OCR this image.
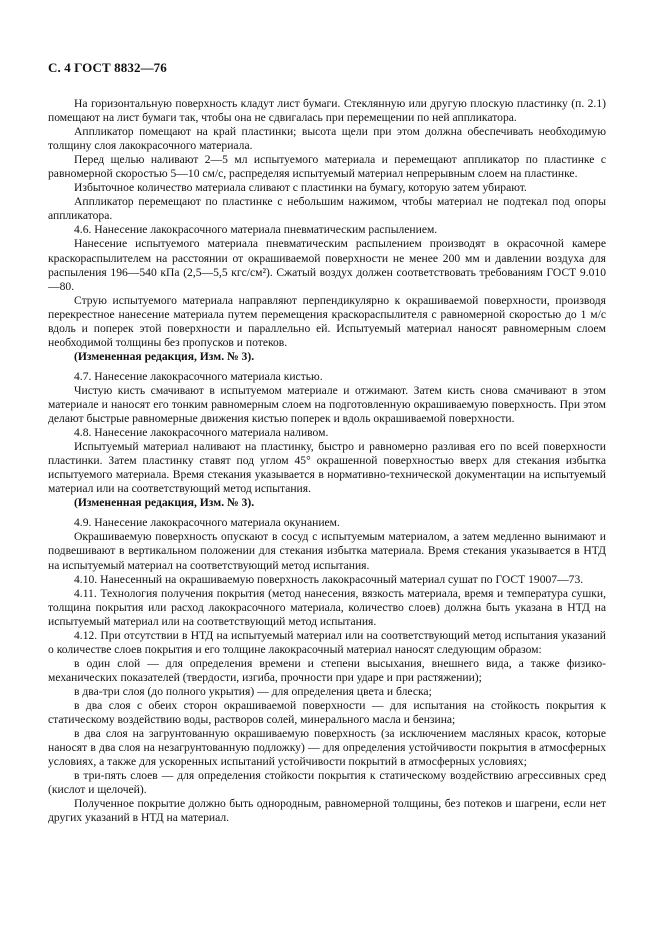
С. 4 ГОСТ 8832—76

На горизонтальную поверхность кладут лист бумаги. Стеклянную или другую плоскую пластинку (п. 2.1) помещают на лист бумаги так, чтобы она не сдвигалась при перемещении по ней аппликатора.

Аппликатор помещают на край пластинки; высота щели при этом должна обеспечивать необходимую толщину слоя лакокрасочного материала.

Перед щелью наливают 2—5 мл испытуемого материала и перемещают аппликатор по пластинке с равномерной скоростью 5—10 см/с, распределяя испытуемый материал непрерывным слоем на пластинке.

Избыточное количество материала сливают с пластинки на бумагу, которую затем убирают.

Аппликатор перемещают по пластинке с небольшим нажимом, чтобы материал не подтекал под опоры аппликатора.

4.6. Нанесение лакокрасочного материала пневматическим распылением.

Нанесение испытуемого материала пневматическим распылением производят в окрасочной камере краскораспылителем на расстоянии от окрашиваемой поверхности не менее 200 мм и давлении воздуха для распыления 196—540 кПа (2,5—5,5 кгс/см²). Сжатый воздух должен соответствовать требованиям ГОСТ 9.010—80.

Струю испытуемого материала направляют перпендикулярно к окрашиваемой поверхности, производя перекрестное нанесение материала путем перемещения краскораспылителя с равномерной скоростью до 1 м/с вдоль и поперек этой поверхности и параллельно ей. Испытуемый материал наносят равномерным слоем необходимой толщины без пропусков и потеков.

(Измененная редакция, Изм. № 3).

4.7. Нанесение лакокрасочного материала кистью.

Чистую кисть смачивают в испытуемом материале и отжимают. Затем кисть снова смачивают в этом материале и наносят его тонким равномерным слоем на подготовленную окрашиваемую поверхность. При этом делают быстрые равномерные движения кистью поперек и вдоль окрашиваемой поверхности.

4.8. Нанесение лакокрасочного материала наливом.

Испытуемый материал наливают на пластинку, быстро и равномерно разливая его по всей поверхности пластинки. Затем пластинку ставят под углом 45° окрашенной поверхностью вверх для стекания избытка испытуемого материала. Время стекания указывается в нормативно-технической документации на испытуемый материал или на соответствующий метод испытания.

(Измененная редакция, Изм. № 3).

4.9. Нанесение лакокрасочного материала окунанием.

Окрашиваемую поверхность опускают в сосуд с испытуемым материалом, а затем медленно вынимают и подвешивают в вертикальном положении для стекания избытка материала. Время стекания указывается в НТД на испытуемый материал на соответствующий метод испытания.

4.10. Нанесенный на окрашиваемую поверхность лакокрасочный материал сушат по ГОСТ 19007—73.

4.11. Технология получения покрытия (метод нанесения, вязкость материала, время и температура сушки, толщина покрытия или расход лакокрасочного материала, количество слоев) должна быть указана в НТД на испытуемый материал или на соответствующий метод испытания.

4.12. При отсутствии в НТД на испытуемый материал или на соответствующий метод испытания указаний о количестве слоев покрытия и его толщине лакокрасочный материал наносят следующим образом:

в один слой — для определения времени и степени высыхания, внешнего вида, а также физико-механических показателей (твердости, изгиба, прочности при ударе и при растяжении);

в два-три слоя (до полного укрытия) — для определения цвета и блеска;

в два слоя с обеих сторон окрашиваемой поверхности — для испытания на стойкость покрытия к статическому воздействию воды, растворов солей, минерального масла и бензина;

в два слоя на загрунтованную окрашиваемую поверхность (за исключением масляных красок, которые наносят в два слоя на незагрунтованную подложку) — для определения устойчивости покрытия в атмосферных условиях, а также для ускоренных испытаний устойчивости покрытий в атмосферных условиях;

в три-пять слоев — для определения стойкости покрытия к статическому воздействию агрессивных сред (кислот и щелочей).

Полученное покрытие должно быть однородным, равномерной толщины, без потеков и шагрени, если нет других указаний в НТД на материал.
